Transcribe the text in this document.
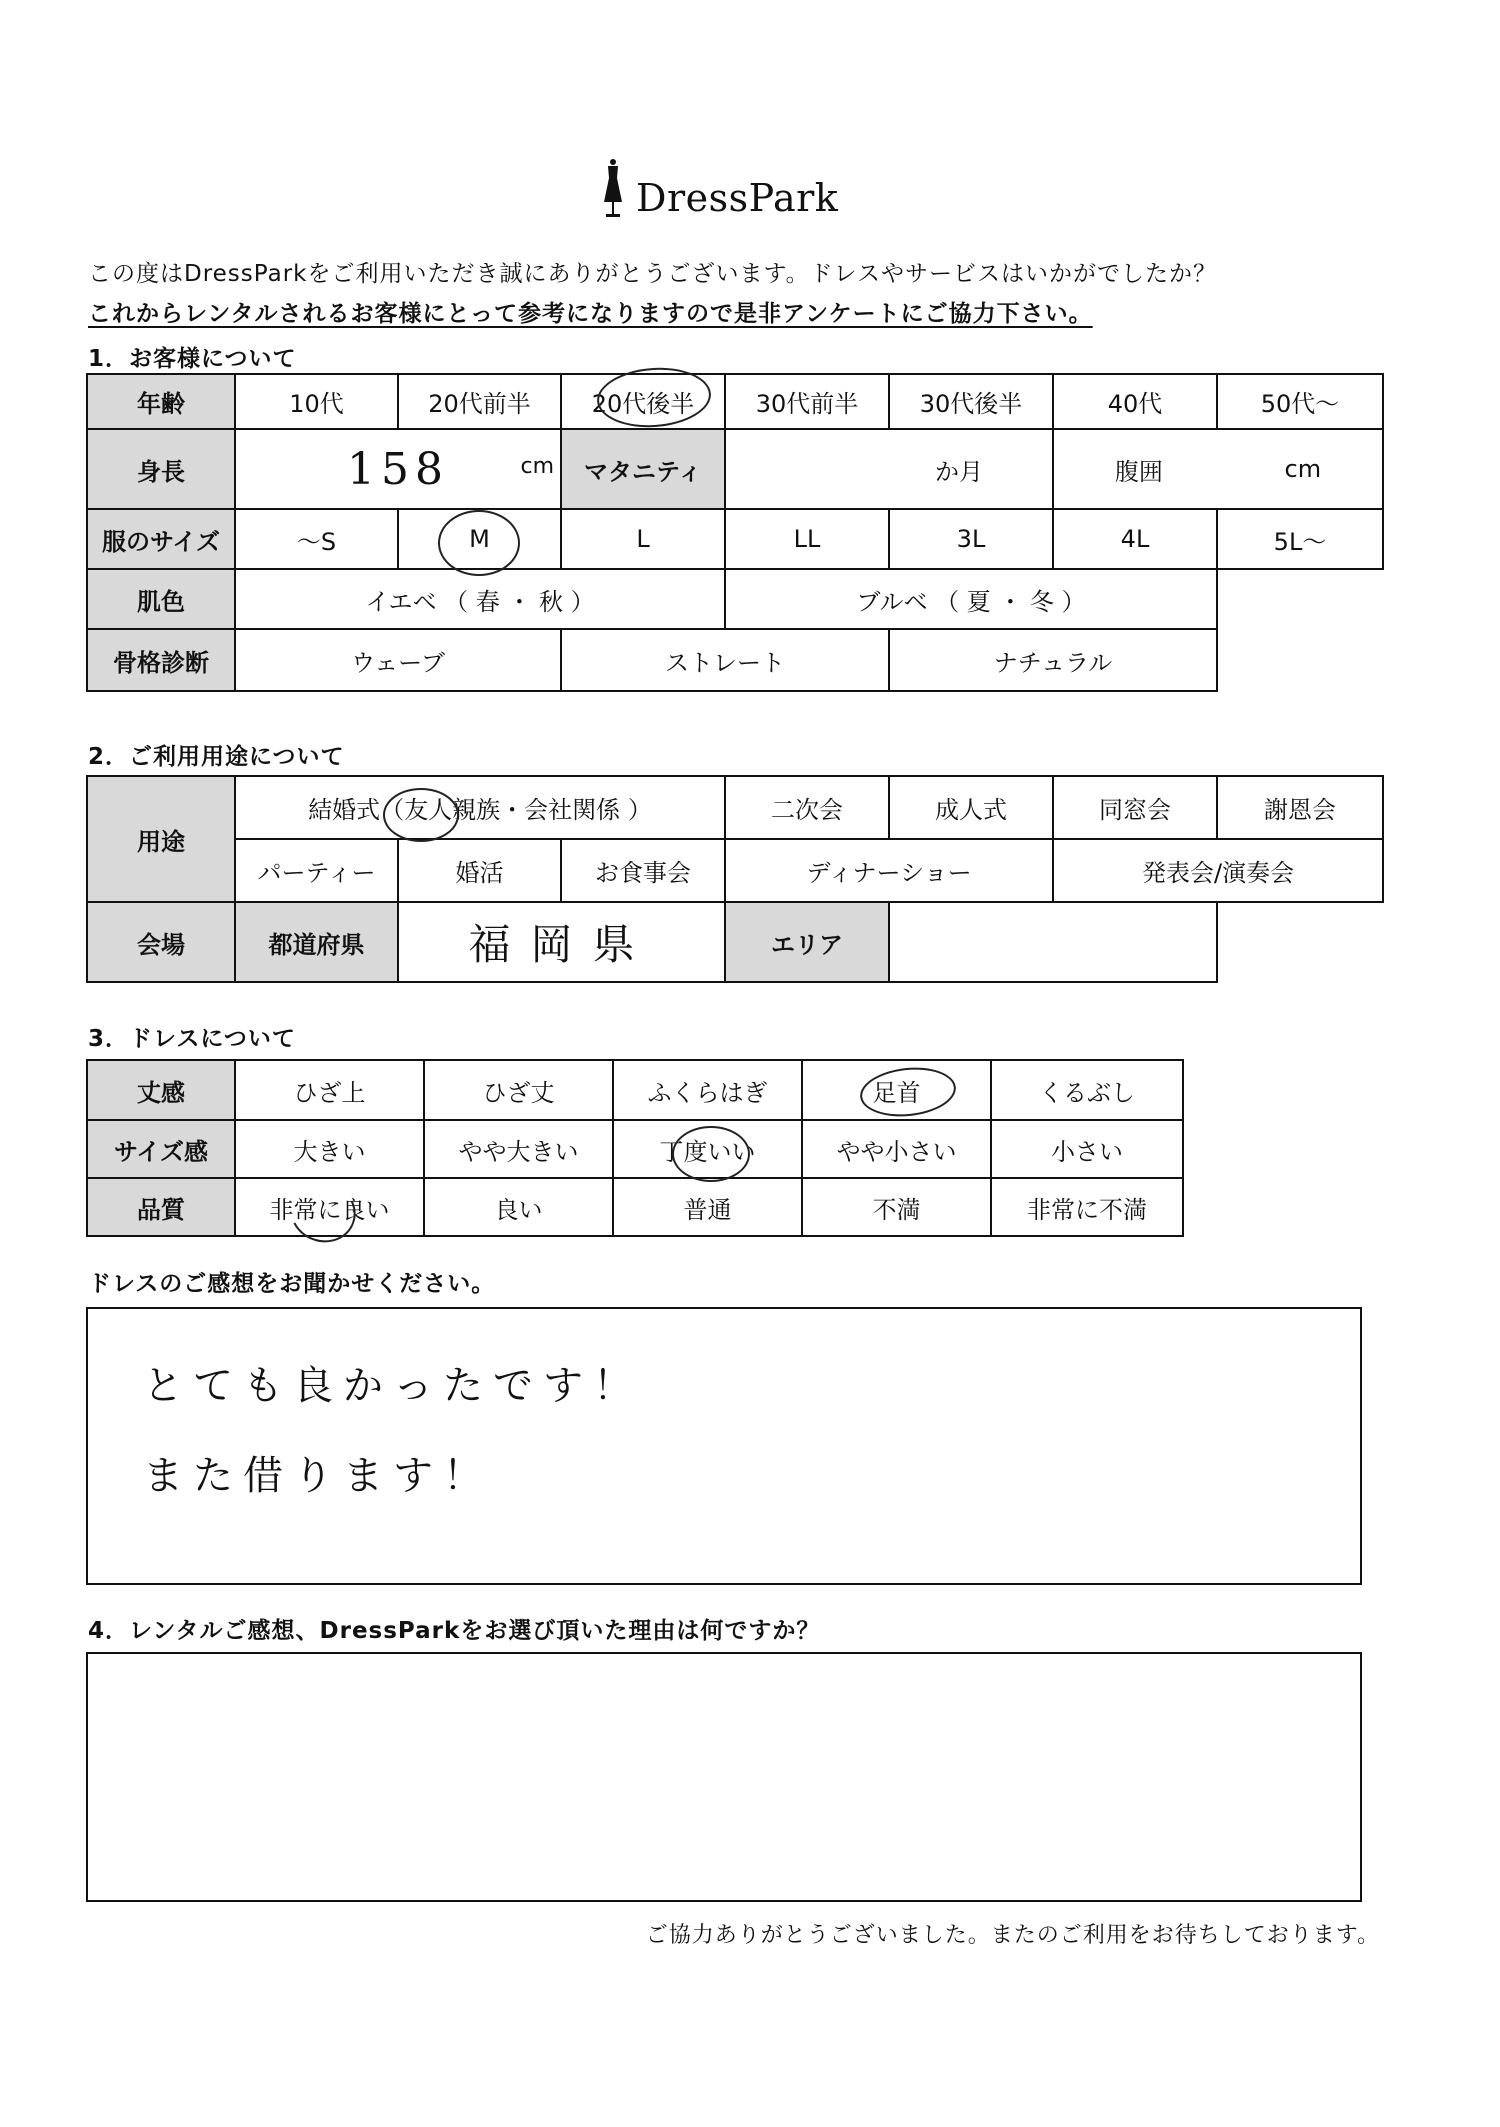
DressPark
この度はDressParkをご利用いただき誠にありがとうございます。ドレスやサービスはいかがでしたか？
これからレンタルされるお客様にとって参考になりますので是非アンケートにご協力下さい。
1．お客様について
年齢	10代	20代前半	20代後半	30代前半	30代後半	40代	50代〜
身長	158 cm		マタニティ	か月		腹囲 cm	

服のサイズ	〜S	M	L	LL	3L	4L	5L〜
肌色	イエベ （ 春 ・ 秋 ）			ブルベ （ 夏 ・ 冬 ）			
骨格診断	ウェーブ		ストレート		ナチュラル		
2．ご利用用途について
用途	結婚式（友人親族・会社関係 ）			二次会	成人式	同窓会	謝恩会
	パーティー	婚活	お食事会	ディナーショー		発表会/演奏会	
会場	都道府県	福岡県		エリア			
3．ドレスについて
丈感	ひざ上	ひざ丈	ふくらはぎ	足首	くるぶし
サイズ感	大きい	やや大きい	丁度いい	やや小さい	小さい
品質	非常に良い	良い	普通	不満	非常に不満
ドレスのご感想をお聞かせください。
とても良かったです！
また借ります！
4．レンタルご感想、DressParkをお選び頂いた理由は何ですか？
ご協力ありがとうございました。またのご利用をお待ちしております。
